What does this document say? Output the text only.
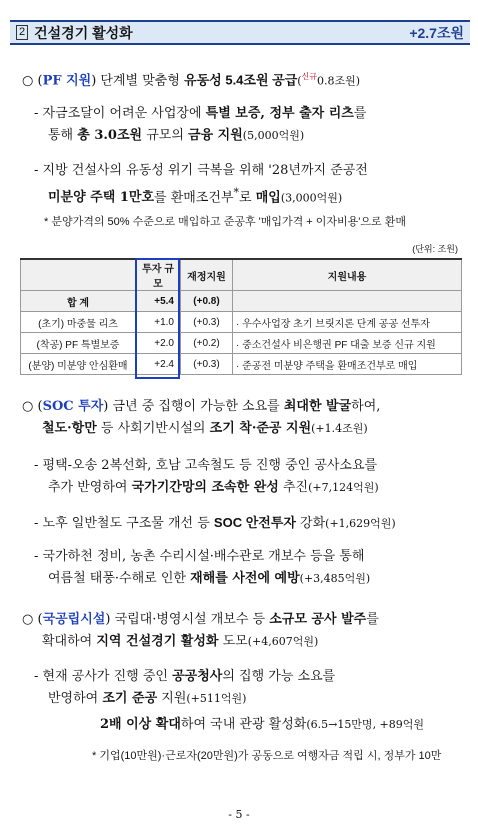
2 건설경기 활성화	+2.7조원
○ (PF 지원) 단계별 맞춤형 유동성 5.4조원 공급($^{신규}$0.8조원)
- 자금조달이 어려운 사업장에 특별 보증, 정부 출자 리츠를
통해 총 3.0조원 규모의 금융 지원(5,000억원)
- 지방 건설사의 유동성 위기 극복을 위해 '28년까지 준공전
미분양 주택 1만호를 환매조건부*로 매입(3,000억원)
* 분양가격의 50% 수준으로 매입하고 준공후 '매입가격 + 이자비용'으로 환매
(단위: 조원)
	투자 규모	재정지원	지원내용
합 계	+5.4	(+0.8)	
(초기) 마중물 리츠	+1.0	(+0.3)	· 우수사업장 초기 브릿지론 단계 공공 선투자
(착공) PF 특별보증	+2.0	(+0.2)	· 중소건설사 비은행권 PF 대출 보증 신규 지원
(분양) 미분양 안심환매	+2.4	(+0.3)	· 준공전 미분양 주택을 환매조건부로 매입
○ (SOC 투자) 금년 중 집행이 가능한 소요를 최대한 발굴하여,
철도·항만 등 사회기반시설의 조기 착·준공 지원(+1.4조원)
- 평택-오송 2복선화, 호남 고속철도 등 진행 중인 공사소요를
추가 반영하여 국가기간망의 조속한 완성 추진(+7,124억원)
- 노후 일반철도 구조물 개선 등 SOC 안전투자 강화(+1,629억원)
- 국가하천 정비, 농촌 수리시설·배수관로 개보수 등을 통해
여름철 태풍·수해로 인한 재해를 사전에 예방(+3,485억원)
○ (국공립시설) 국립대·병영시설 개보수 등 소규모 공사 발주를
확대하여 지역 건설경기 활성화 도모(+4,607억원)
- 현재 공사가 진행 중인 공공청사의 집행 가능 소요를
반영하여 조기 준공 지원(+511억원)
2배 이상 확대하여 국내 관광 활성화(6.5→15만명, +89억원
* 기업(10만원)·근로자(20만원)가 공동으로 여행자금 적립 시, 정부가 10만
- 5 -
